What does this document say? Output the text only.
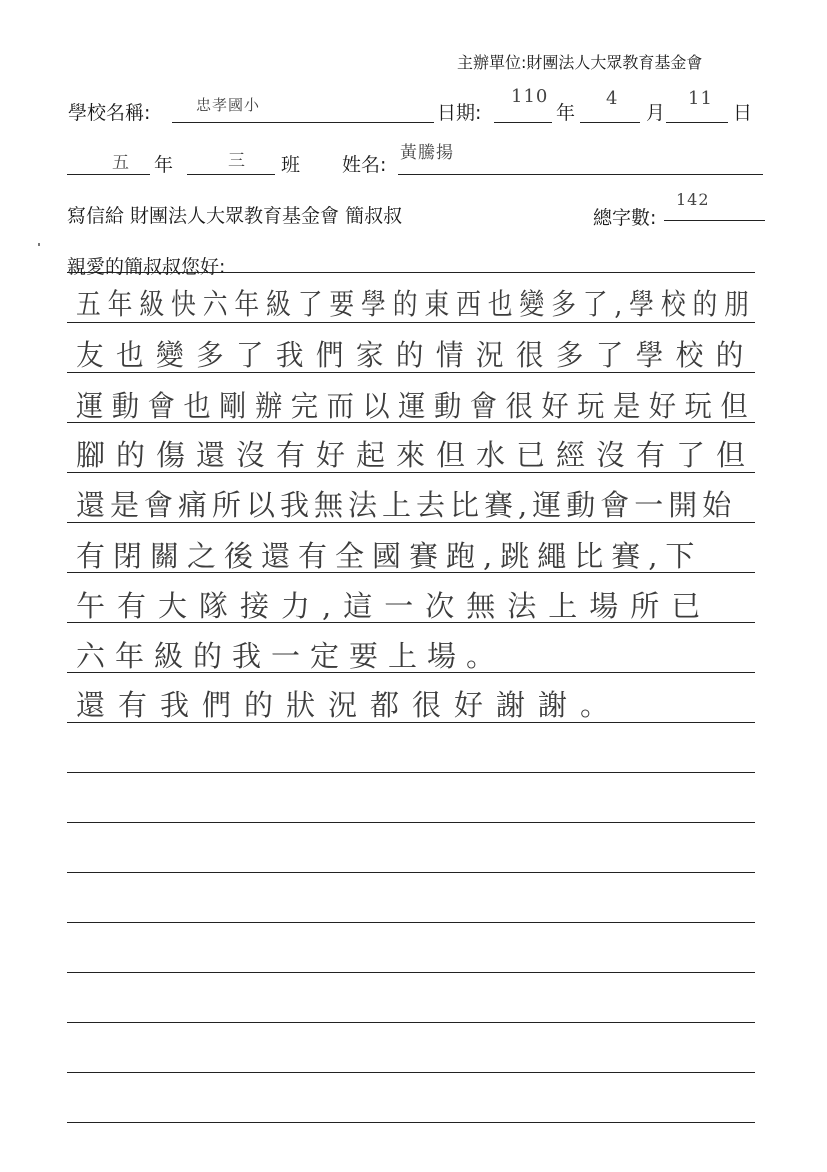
主辦單位:財團法人大眾教育基金會
學校名稱:	忠孝國小	日期:
110
年
4
月
11
日
五 年	三 班 姓名:
黃騰揚
寫信給 財團法人大眾教育基金會 簡叔叔	總字數:
142
親愛的簡叔叔您好:
五年級快六年級了要學的東西也變多了,學校的朋
友也變多了我們家的情況很多了學校的
運動會也剛辦完而以運動會很好玩是好玩但
腳的傷還沒有好起來但水已經沒有了但
還是會痛所以我無法上去比賽,運動會一開始
有閉關之後還有全國賽跑,跳繩比賽,下
午有大隊接力,這一次無法上場所已
六年級的我一定要上場。
還有我們的狀況都很好謝謝。
